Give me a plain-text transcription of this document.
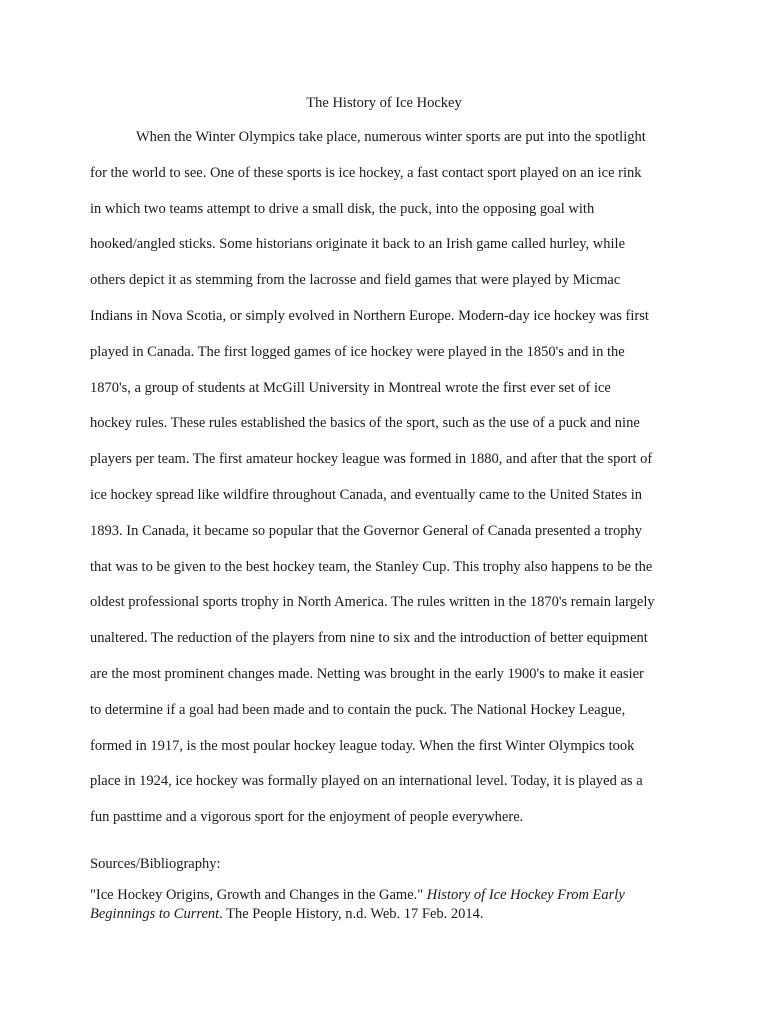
The History of Ice Hockey
When the Winter Olympics take place, numerous winter sports are put into the spotlight
for the world to see. One of these sports is ice hockey, a fast contact sport played on an ice rink
in which two teams attempt to drive a small disk, the puck, into the opposing goal with
hooked/angled sticks. Some historians originate it back to an Irish game called hurley, while
others depict it as stemming from the lacrosse and field games that were played by Micmac
Indians in Nova Scotia, or simply evolved in Northern Europe. Modern-day ice hockey was first
played in Canada. The first logged games of ice hockey were played in the 1850's and in the
1870's, a group of students at McGill University in Montreal wrote the first ever set of ice
hockey rules. These rules established the basics of the sport, such as the use of a puck and nine
players per team. The first amateur hockey league was formed in 1880, and after that the sport of
ice hockey spread like wildfire throughout Canada, and eventually came to the United States in
1893. In Canada, it became so popular that the Governor General of Canada presented a trophy
that was to be given to the best hockey team, the Stanley Cup. This trophy also happens to be the
oldest professional sports trophy in North America. The rules written in the 1870's remain largely
unaltered. The reduction of the players from nine to six and the introduction of better equipment
are the most prominent changes made. Netting was brought in the early 1900's to make it easier
to determine if a goal had been made and to contain the puck. The National Hockey League,
formed in 1917, is the most poular hockey league today. When the first Winter Olympics took
place in 1924, ice hockey was formally played on an international level. Today, it is played as a
fun pasttime and a vigorous sport for the enjoyment of people everywhere.

Sources/Bibliography:

"Ice Hockey Origins, Growth and Changes in the Game." History of Ice Hockey From Early
Beginnings to Current. The People History, n.d. Web. 17 Feb. 2014.
